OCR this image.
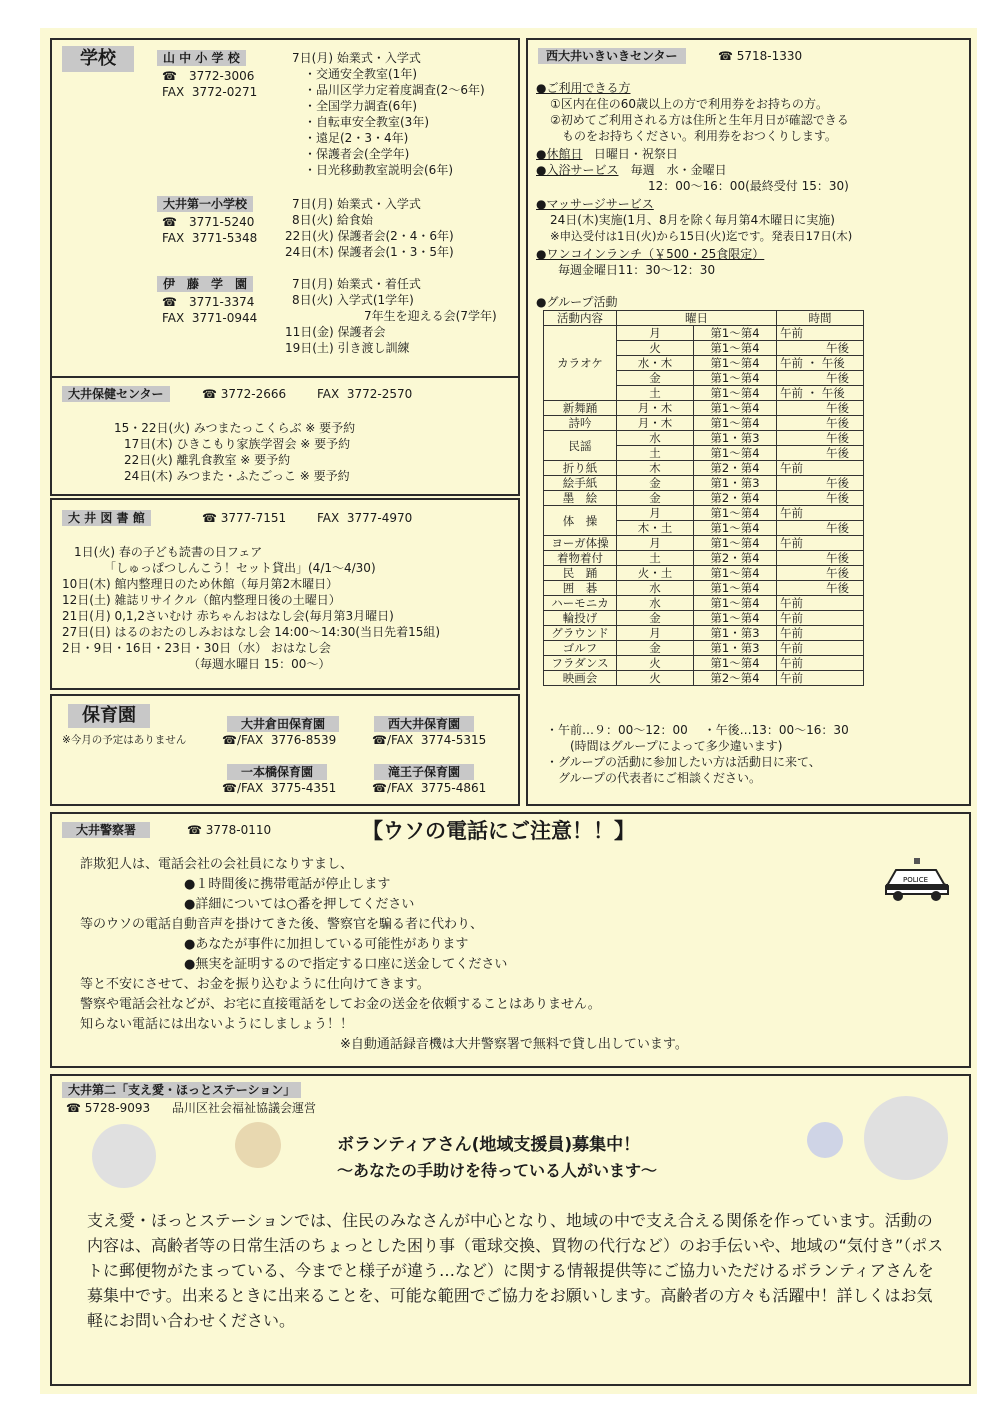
学校	山 中 小 学 校
☎　3772-3006
FAX  3772-0271
7日(月) 始業式・入学式
　・交通安全教室(1年)
　・品川区学力定着度調査(2～6年)
　・全国学力調査(6年)
　・自転車安全教室(3年)
　・遠足(2・3・4年)
　・保護者会(全学年)
　・日光移動教室説明会(6年)
大井第一小学校
☎　3771-5240
FAX  3771-5348
7日(月) 始業式・入学式
8日(火) 給食始
22日(火) 保護者会(2・4・6年)
24日(木) 保護者会(1・3・5年)
伊　藤　学　園
☎　3771-3374
FAX  3771-0944
7日(月) 始業式・着任式
8日(火) 入学式(1学年)
　7年生を迎える会(7学年)
11日(金) 保護者会
19日(土) 引き渡し訓練
大井保健センター	☎ 3772-2666	FAX  3772-2570
15・22日(火) みつまたっこくらぶ ※ 要予約
17日(木) ひきこもり家族学習会 ※ 要予約
22日(火) 離乳食教室 ※ 要予約
24日(木) みつまた・ふたごっこ ※ 要予約
大 井 図 書 館	☎ 3777-7151	FAX  3777-4970
1日(火) 春の子ども読書の日フェア
　　　「しゅっぱつしんこう！セット貸出」(4/1～4/30)
10日(木) 館内整理日のため休館（毎月第2木曜日）
12日(土) 雑誌リサイクル（館内整理日後の土曜日）
21日(月) 0,1,2さいむけ 赤ちゃんおはなし会(毎月第3月曜日)
27日(日) はるのおたのしみおはなし会 14:00～14:30(当日先着15組)
2日・9日・16日・23日・30日（水） おはなし会
　　　　　　　　　　　（毎週水曜日 15：00～）
保育園
※今月の予定はありません
大井倉田保育園
☎/FAX  3776-8539
西大井保育園
☎/FAX  3774-5315
一本橋保育園
☎/FAX  3775-4351
滝王子保育園
☎/FAX  3775-4861
西大井いきいきセンター	☎ 5718-1330
●ご利用できる方
①区内在住の60歳以上の方で利用券をお持ちの方。
②初めてご利用される方は住所と生年月日が確認できる
　ものをお持ちください。利用券をおつくりします。
●休館日 日曜日・祝祭日
●入浴サービス 毎週　水・金曜日
12：00～16：00(最終受付 15：30)
●マッサージサービス
24日(木)実施(1月、8月を除く毎月第4木曜日に実施)
※申込受付は1日(火)から15日(火)迄です。発表日17日(木)
●ワンコインランチ（￥500・25食限定）
毎週金曜日11：30～12：30
●グループ活動
活動内容	曜日		時間
カラオケ	月	第1～第4	午前
	火	第1～第4	　　　　午後
	水・木	第1～第4	午前 ・ 午後
	金	第1～第4	　　　　午後
	土	第1～第4	午前 ・ 午後
新舞踊	月・木	第1～第4	　　　　午後
詩吟	月・木	第1～第4	　　　　午後
民謡	水	第1・第3	　　　　午後
	土	第1～第4	　　　　午後
折り紙	木	第2・第4	午前
絵手紙	金	第1・第3	　　　　午後
墨　絵	金	第2・第4	　　　　午後
体　操	月	第1～第4	午前
	木・土	第1～第4	　　　　午後
ヨーガ体操	月	第1～第4	午前
着物着付	土	第2・第4	　　　　午後
民　踊	火・土	第1～第4	　　　　午後
囲　碁	水	第1～第4	　　　　午後
ハーモニカ	水	第1～第4	午前
輪投げ	金	第1～第4	午前
グラウンド	月	第1・第3	午前
ゴルフ	金	第1・第3	午前
フラダンス	火	第1～第4	午前
映画会	火	第2～第4	午前
・午前…９：00～12：00　 ・午後…13：00～16：30
　　(時間はグループによって多少違います)
・グループの活動に参加したい方は活動日に来て、
　グループの代表者にご相談ください。
大井警察署	☎ 3778-0110	【ウソの電話にご注意！！】
詐欺犯人は、電話会社の会社員になりすまし、
　　　　　　　　●１時間後に携帯電話が停止します
　　　　　　　　●詳細については○番を押してください
等のウソの電話自動音声を掛けてきた後、警察官を騙る者に代わり、
　　　　　　　　●あなたが事件に加担している可能性があります
　　　　　　　　●無実を証明するので指定する口座に送金してください
等と不安にさせて、お金を振り込むように仕向けてきます。
警察や電話会社などが、お宅に直接電話をしてお金の送金を依頼することはありません。
知らない電話には出ないようにしましょう！！
　　　　　　　　　　　　　　　　　　　　※自動通話録音機は大井警察署で無料で貸し出しています。
POLICE
大井第二「支え愛・ほっとステーション」
☎ 5728-9093 品川区社会福祉協議会運営
ボランティアさん(地域支援員)募集中！
～あなたの手助けを待っている人がいます～
支え愛・ほっとステーションでは、住民のみなさんが中心となり、地域の中で支え合える関係を作っています。活動の内容は、高齢者等の日常生活のちょっとした困り事（電球交換、買物の代行など）のお手伝いや、地域の“気付き”（ポストに郵便物がたまっている、今までと様子が違う…など）に関する情報提供等にご協力いただけるボランティアさんを募集中です。出来るときに出来ることを、可能な範囲でご協力をお願いします。高齢者の方々も活躍中！詳しくはお気軽にお問い合わせください。
